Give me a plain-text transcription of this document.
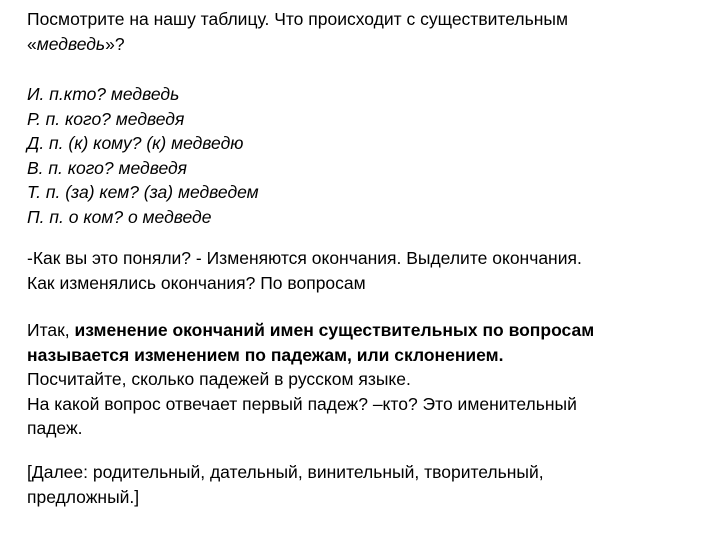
Посмотрите на нашу таблицу. Что происходит с существительным
«медведь»?
И. п.кто? медведь
Р. п. кого? медведя
Д. п. (к) кому? (к) медведю
В. п. кого? медведя
Т. п. (за) кем? (за) медведем
П. п. о ком? о медведе
-Как вы это поняли? - Изменяются окончания. Выделите окончания.
Как изменялись окончания? По вопросам
Итак, изменение окончаний имен существительных по вопросам
называется изменением по падежам, или склонением.
Посчитайте, сколько падежей в русском языке.
На какой вопрос отвечает первый падеж? –кто? Это именительный
падеж.
[Далее: родительный, дательный, винительный, творительный,
предложный.]
